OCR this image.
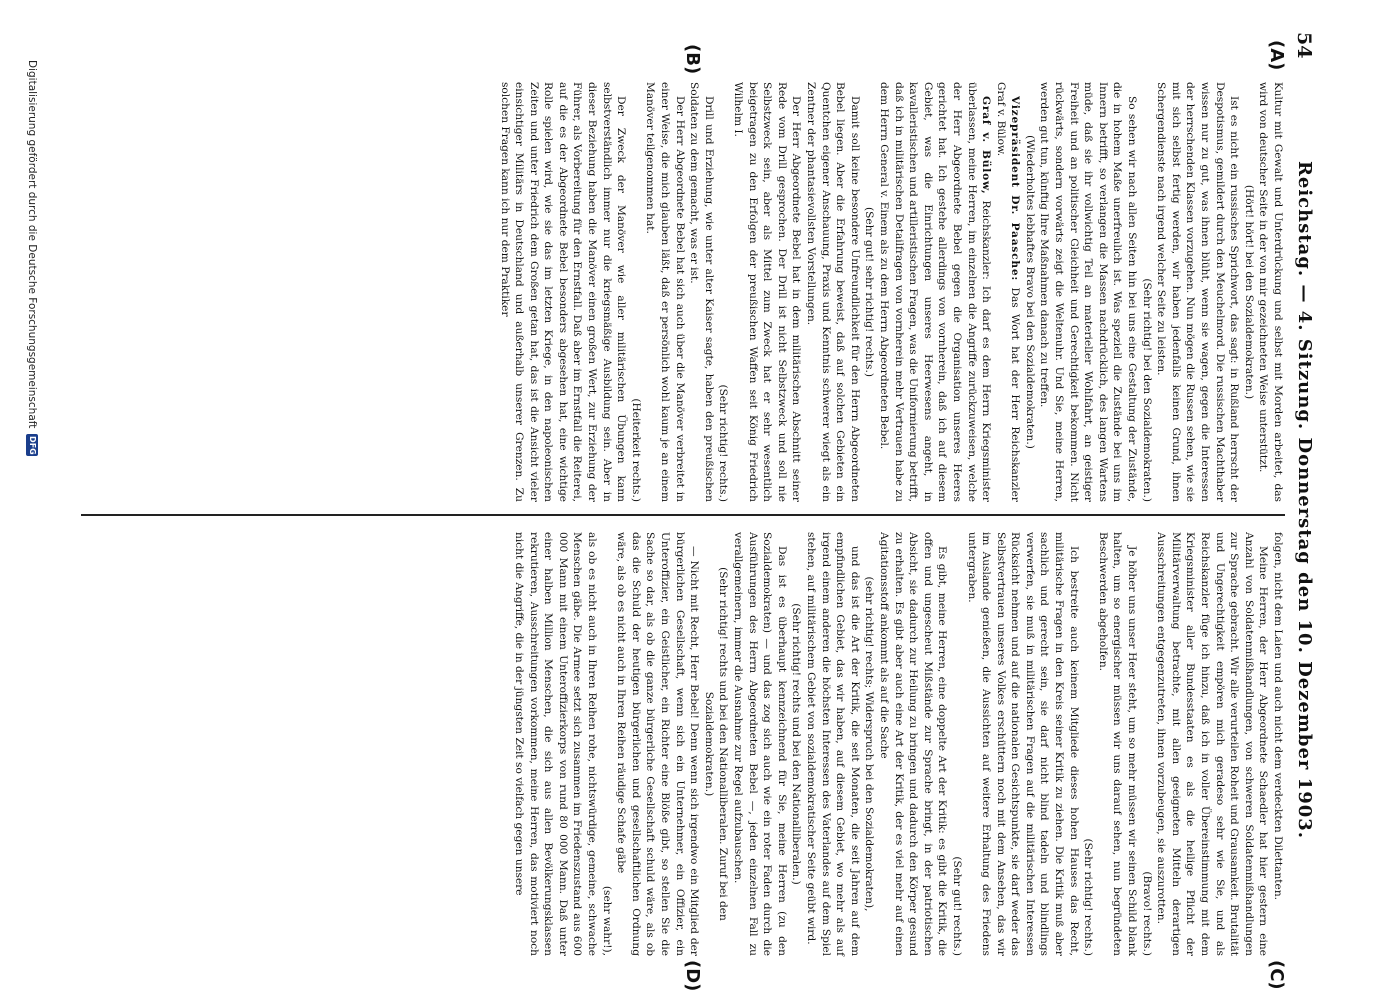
54
Reichstag. — 4. Sitzung. Donnerstag den 10. Dezember 1903.
(A)
(B)
(C)
(D)

Kultur mit Gewalt und Unterdrückung und selbst mit Morden arbeitet, das wird von deutscher Seite in der von mir gezeichneten Weise unterstützt.

(Hört! hört! bei den Sozialdemokraten.)

Ist es nicht ein russisches Sprichwort, das sagt: in Rußland herrscht der Despotismus, gemildert durch den Meuchelmord. Die russischen Machthaber wissen nur zu gut, was ihnen blüht, wenn sie wagen, gegen die Interessen der herrschenden Klassen vorzugehen. Nun mögen die Russen sehen, wie sie mit sich selbst fertig werden, wir haben jedenfalls keinen Grund, ihnen Schergendienste nach irgend welcher Seite zu leisten.

(Sehr richtig! bei den Sozialdemokraten.)

So sehen wir nach allen Seiten hin bei uns eine Gestaltung der Zustände, die in hohem Maße unerfreulich ist. Was speziell die Zustände bei uns im Innern betrifft, so verlangen die Massen nachdrücklich, des langen Wartens müde, daß sie ihr vollwichtig Teil an materieller Wohlfahrt, an geistiger Freiheit und an politischer Gleichheit und Gerechtigkeit bekommen. Nicht rückwärts, sondern vorwärts zeigt die Weltenuhr. Und Sie, meine Herren, werden gut tun, künftig Ihre Maßnahmen danach zu treffen.

(Wiederholtes lebhaftes Bravo bei den Sozialdemokraten.)

Vizepräsident Dr. Paasche: Das Wort hat der Herr Reichskanzler Graf v. Bülow.

Graf v. Bülow, Reichskanzler: Ich darf es dem Herrn Kriegsminister überlassen, meine Herren, im einzelnen die Angriffe zurückzuweisen, welche der Herr Abgeordnete Bebel gegen die Organisation unseres Heeres gerichtet hat. Ich gestehe allerdings von vornherein, daß ich auf diesem Gebiet, was die Einrichtungen unseres Heerwesens angeht, in kavalleristischen und artilleristischen Fragen, was die Uniformierung betrifft, daß ich in militärischen Detailfragen von vornherein mehr Vertrauen habe zu dem Herrn General v. Einem als zu dem Herrn Abgeordneten Bebel.

(Sehr gut! sehr richtig! rechts.)

Damit soll keine besondere Unfreundlichkeit für den Herrn Abgeordneten Bebel liegen. Aber die Erfahrung beweist, daß auf solchen Gebieten ein Quentchen eigener Anschauung, Praxis und Kenntnis schwerer wiegt als ein Zentner der phantasievollsten Vorstellungen.

Der Herr Abgeordnete Bebel hat in dem militärischen Abschnitt seiner Rede vom Drill gesprochen. Der Drill ist nicht Selbstzweck und soll nie Selbstzweck sein, aber als Mittel zum Zweck hat er sehr wesentlich beigetragen zu den Erfolgen der preußischen Waffen seit König Friedrich Wilhelm I.

(Sehr richtig! rechts.)

Drill und Erziehung, wie unter alter Kaiser sagte, haben den preußischen Soldaten zu dem gemacht, was er ist.

Der Herr Abgeordnete Bebel hat sich auch über die Manöver verbreitet in einer Weise, die mich glauben läßt, daß er persönlich wohl kaum je an einem Manöver teilgenommen hat.

(Heiterkeit rechts.)

Der Zweck der Manöver wie aller militärischen Übungen kann selbstverständlich immer nur die kriegsmäßige Ausbildung sein. Aber in dieser Beziehung haben die Manöver einen großen Wert, zur Erziehung der Führer, als Vorbereitung für den Ernstfall. Daß aber im Ernstfall die Reiterei, auf die es der Abgeordnete Bebel besonders abgesehen hat, eine wichtige Rolle spielen wird, wie sie das im letzten Kriege, in den napoleonischen Zeiten und unter Friedrich dem Großen getan hat, das ist die Ansicht vieler einsichtiger Militärs in Deutschland und außerhalb unserer Grenzen. Zu solchen Fragen kann ich nur dem Praktiker

folgen, nicht dem Laien und auch nicht dem verdeckten Dilettanten.

Meine Herren, der Herr Abgeordnete Schaedler hat hier gestern eine Anzahl von Soldatenmißhandlungen, von schweren Soldatenmißhandlungen zur Sprache gebracht. Wir alle verurteilen Roheit und Grausamkeit. Brutalität und Ungerechtigkeit empören mich geradeso sehr wie Sie, und als Reichskanzler füge ich hinzu, daß ich in voller Übereinstimmung mit dem Kriegsminister aller Bundesstaaten es als die heilige Pflicht der Militärverwaltung betrachte, mit allen geeigneten Mitteln derartigen Ausschreitungen entgegenzutreten, ihnen vorzubeugen, sie auszurotten.

(Bravo! rechts.)

Je höher uns unser Heer steht, um so mehr müssen wir seinen Schild blank halten, um so energischer müssen wir uns darauf sehen, nun begründeten Beschwerden abgeholfen.

(Sehr richtig! rechts.)

Ich bestreite auch keinem Mitgliede dieses hohen Hauses das Recht, militärische Fragen in den Kreis seiner Kritik zu ziehen. Die Kritik muß aber sachlich und gerecht sein, sie darf nicht blind tadeln und blindlings verwerfen, sie muß in militärischen Fragen auf die militärischen Interessen Rücksicht nehmen und auf die nationalen Gesichtspunkte, sie darf weder das Selbstvertrauen unseres Volkes erschüttern noch mit dem Ansehen, das wir im Auslande genießen, die Aussichten auf weitere Erhaltung des Friedens untergraben.

(Sehr gut! rechts.)

Es gibt, meine Herren, eine doppelte Art der Kritik: es gibt die Kritik, die offen und ungescheut Mißstände zur Sprache bringt, in der patriotischen Absicht, sie dadurch zur Heilung zu bringen und dadurch den Körper gesund zu erhalten. Es gibt aber auch eine Art der Kritik, der es viel mehr auf einen Agitationsstoff ankommt als auf die Sache

(sehr richtig! rechts; Widerspruch bei den Sozialdemokraten),

und das ist die Art der Kritik, die seit Monaten, die seit Jahren auf dem empfindlichen Gebiet, das wir haben, auf diesem Gebiet, wo mehr als auf irgend einem anderen die höchsten Interessen des Vaterlandes auf dem Spiel stehen, auf militärischem Gebiet von sozialdemokratischer Seite geübt wird.

(Sehr richtig! rechts und bei den Nationalliberalen.)

Das ist es überhaupt kennzeichnend für Sie, meine Herren (zu den Sozialdemokraten) — und das zog sich auch wie ein roter Faden durch die Ausführungen des Herrn Abgeordneten Bebel —, jeden einzelnen Fall zu verallgemeinern, immer die Ausnahme zur Regel aufzubauschen.

(Sehr richtig! rechts und bei den Nationalliberalen. Zuruf bei den Sozialdemokraten.)

— Nicht mit Recht, Herr Bebel! Denn wenn sich irgendwo ein Mitglied der bürgerlichen Gesellschaft, wenn sich ein Unternehmer, ein Offizier, ein Unteroffizier, ein Geistlicher, ein Richter eine Blöße gibt, so stellen Sie die Sache so dar, als ob die ganze bürgerliche Gesellschaft schuld wäre, als ob das die Schuld der heutigen bürgerlichen und gesellschaftlichen Ordnung wäre, als ob es nicht auch in Ihren Reihen räudige Schafe gäbe

(sehr wahr!),

als ob es nicht auch in Ihren Reihen rohe, nichtswürdige, gemeine, schwache Menschen gäbe. Die Armee setzt sich zusammen im Friedenszustand aus 600 000 Mann mit einem Unteroffizierkorps von rund 80 000 Mann. Daß unter einer halben Million Menschen, die sich aus allen Bevölkerungsklassen rekrutieren, Ausschreitungen vorkommen, meine Herren, das motiviert noch nicht die Angriffe, die in der jüngsten Zeit so vielfach gegen unsere

Digitalisierung gefördert durch die Deutsche Forschungsgemeinschaft
DFG
